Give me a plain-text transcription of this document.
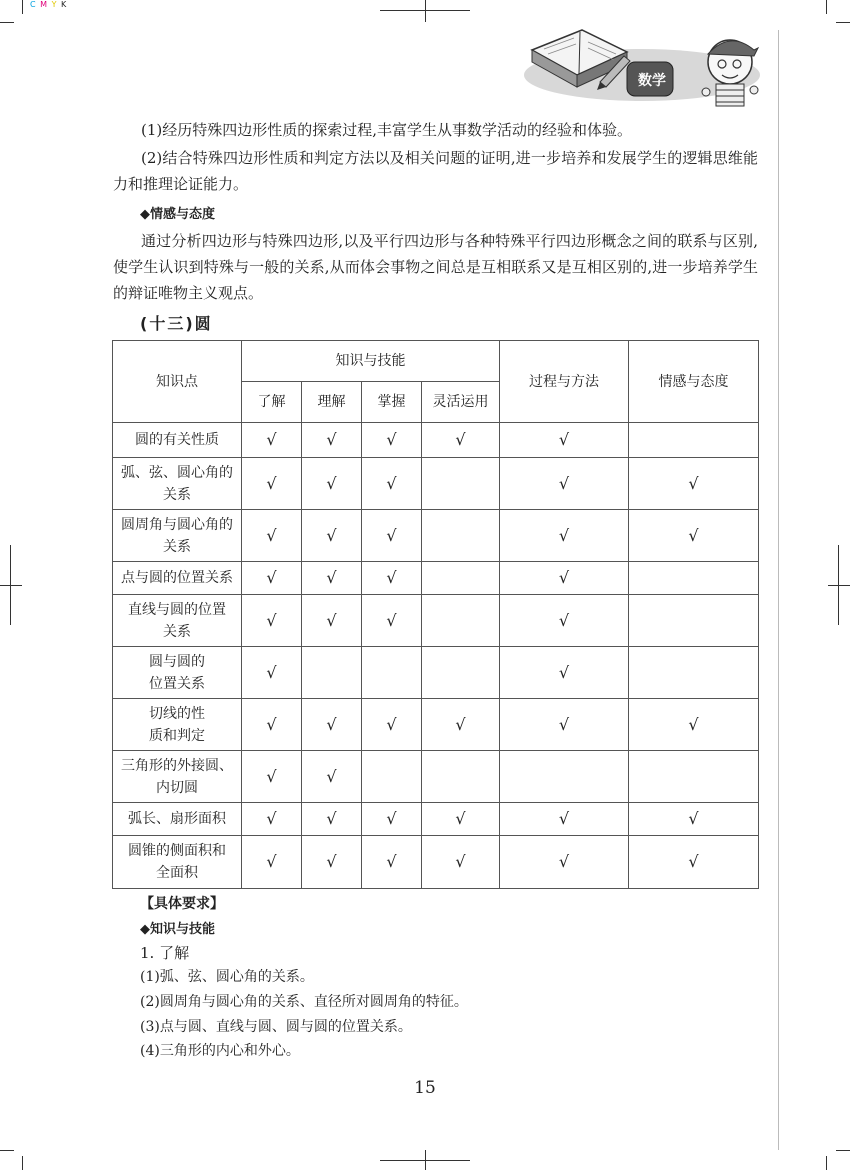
C M Y K
数学
(1)经历特殊四边形性质的探索过程,丰富学生从事数学活动的经验和体验。
(2)结合特殊四边形性质和判定方法以及相关问题的证明,进一步培养和发展学生的逻辑思维能力和推理论证能力。
◆情感与态度
通过分析四边形与特殊四边形,以及平行四边形与各种特殊平行四边形概念之间的联系与区别,使学生认识到特殊与一般的关系,从而体会事物之间总是互相联系又是互相区别的,进一步培养学生的辩证唯物主义观点。
(十三)圆
知识点	知识与技能				过程与方法	情感与态度
	了解	理解	掌握	灵活运用		

圆的有关性质	√	√	√	√	√	

弧、弦、圆心角的
关系	√	√	√		√	√

圆周角与圆心角的
关系	√	√	√		√	√

点与圆的位置关系	√	√	√		√	

直线与圆的位置
关系	√	√	√		√	

圆与圆的
位置关系	√				√	

切线的性
质和判定	√	√	√	√	√	√

三角形的外接圆、
内切圆	√	√				

弧长、扇形面积	√	√	√	√	√	√

圆锥的侧面积和
全面积	√	√	√	√	√	√
【具体要求】
◆知识与技能
1. 了解
(1)弧、弦、圆心角的关系。
(2)圆周角与圆心角的关系、直径所对圆周角的特征。
(3)点与圆、直线与圆、圆与圆的位置关系。
(4)三角形的内心和外心。
15
